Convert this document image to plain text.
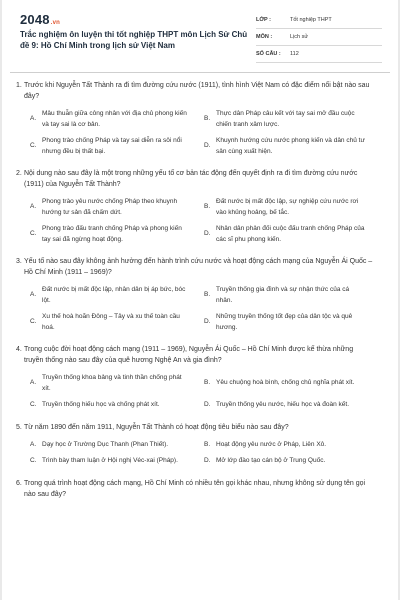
2048.vn
Trắc nghiệm ôn luyện thi tốt nghiệp THPT môn Lịch Sử Chủ đề 9: Hồ Chí Minh trong lịch sử Việt Nam
LỚP :	Tốt nghiệp THPT
MÔN :	Lịch sử
SỐ CÂU :	112
1. Trước khi Nguyễn Tất Thành ra đi tìm đường cứu nước (1911), tình hình Việt Nam có đặc điểm nổi bật nào sau đây?
A.
Mâu thuẫn giữa công nhân với địa chủ phong kiến và tay sai là cơ bản.
B.
Thực dân Pháp câu kết với tay sai mở đầu cuộc chiến tranh xâm lược.
C.
Phong trào chống Pháp và tay sai diễn ra sôi nổi nhưng đều bị thất bại.
D.
Khuynh hướng cứu nước phong kiến và dân chủ tư sản cùng xuất hiện.
2. Nội dung nào sau đây là một trong những yếu tố cơ bản tác động đến quyết định ra đi tìm đường cứu nước (1911) của Nguyễn Tất Thành?
A.
Phong trào yêu nước chống Pháp theo khuynh hướng tư sản đã chấm dứt.
B.
Đất nước bị mất độc lập, sự nghiệp cứu nước rơi vào khủng hoảng, bế tắc.
C.
Phong trào đấu tranh chống Pháp và phong kiến tay sai đã ngừng hoạt động.
D.
Nhân dân phản đối cuộc đấu tranh chống Pháp của các sĩ phu phong kiến.
3. Yếu tố nào sau đây không ảnh hưởng đến hành trình cứu nước và hoạt động cách mạng của Nguyễn Ái Quốc – Hồ Chí Minh (1911 – 1969)?
A.
Đất nước bị mất độc lập, nhân dân bị áp bức, bóc lột.
B.
Truyền thống gia đình và sự nhận thức của cá nhân.
C.
Xu thế hoà hoãn Đông – Tây và xu thế toàn cầu hoá.
D.
Những truyền thống tốt đẹp của dân tộc và quê hương.
4. Trong cuộc đời hoạt động cách mạng (1911 – 1969), Nguyễn Ái Quốc – Hồ Chí Minh được kế thừa những truyền thống nào sau đây của quê hương Nghệ An và gia đình?
A.
Truyền thống khoa bảng và tinh thần chống phát xít.
B. Yêu chuộng hoà bình, chống chủ nghĩa phát xít.
C. Truyền thống hiếu học và chống phát xít.	D. Truyền thống yêu nước, hiếu học và đoàn kết.
5. Từ năm 1890 đến năm 1911, Nguyễn Tất Thành có hoạt động tiêu biểu nào sau đây?
A. Dạy học ở Trường Dục Thanh (Phan Thiết).	B. Hoạt động yêu nước ở Pháp, Liên Xô.
C. Trình bày tham luận ở Hội nghị Véc-xai (Pháp).	D. Mở lớp đào tạo cán bộ ở Trung Quốc.
6. Trong quá trình hoạt động cách mạng, Hồ Chí Minh có nhiều tên gọi khác nhau, nhưng không sử dụng tên gọi nào sau đây?
